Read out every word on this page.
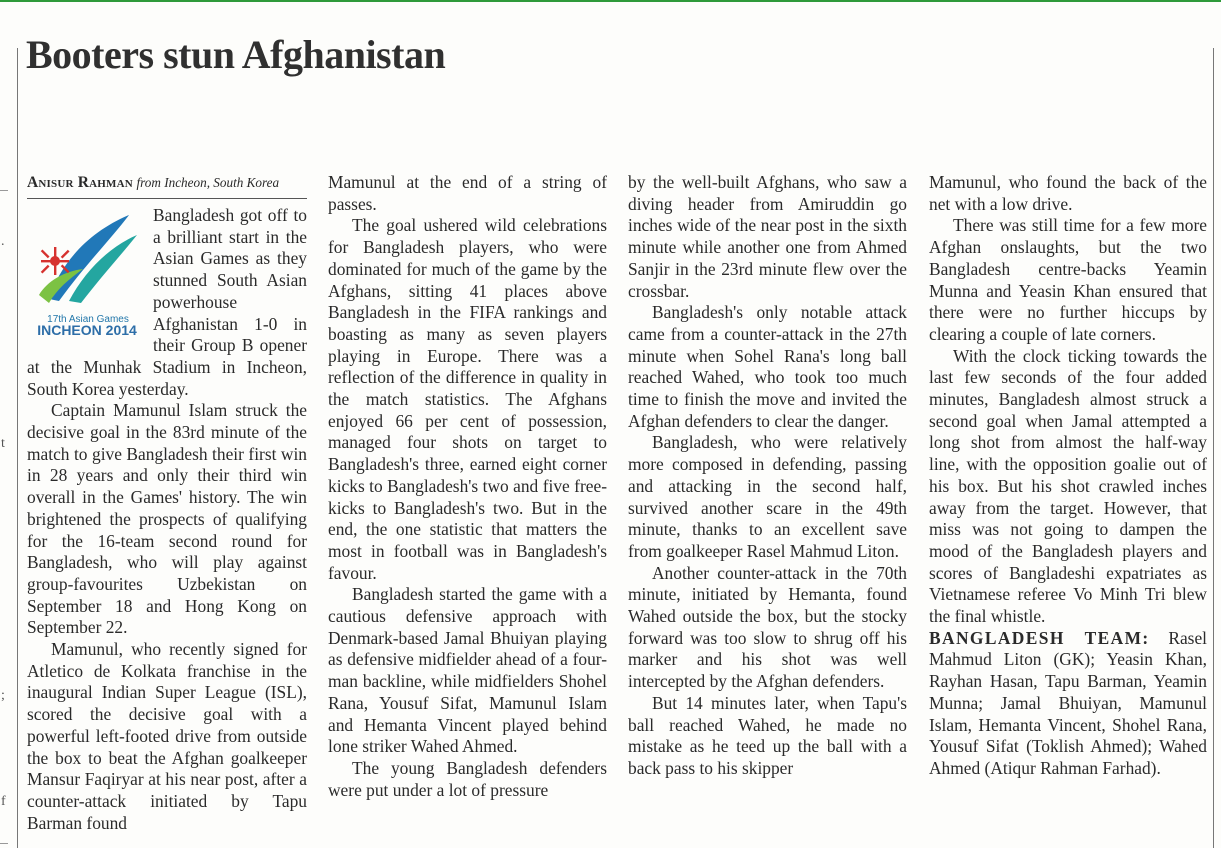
.
t
;
f
Booters stun Afghanistan
Anisur Rahman from Incheon, South Korea
17th Asian Games
INCHEON 2014

Bangladesh got off to a brilliant start in the Asian Games as they stunned South Asian powerhouse Afghanistan 1-0 in their Group B opener at the Munhak Stadium in Incheon, South Korea yesterday.

Captain Mamunul Islam struck the decisive goal in the 83rd minute of the match to give Bangladesh their first win in 28 years and only their third win overall in the Games' history. The win brightened the prospects of qualifying for the 16-team second round for Bangladesh, who will play against group-favourites Uzbekistan on September 18 and Hong Kong on September 22.

Mamunul, who recently signed for Atletico de Kolkata franchise in the inaugural Indian Super League (ISL), scored the decisive goal with a powerful left-footed drive from outside the box to beat the Afghan goalkeeper Mansur Faqiryar at his near post, after a counter-attack initiated by Tapu Barman found

Mamunul at the end of a string of passes.

The goal ushered wild celebrations for Bangladesh players, who were dominated for much of the game by the Afghans, sitting 41 places above Bangladesh in the FIFA rankings and boasting as many as seven players playing in Europe. There was a reflection of the difference in quality in the match statistics. The Afghans enjoyed 66 per cent of possession, managed four shots on target to Bangladesh's three, earned eight corner kicks to Bangladesh's two and five free-kicks to Bangladesh's two. But in the end, the one statistic that matters the most in football was in Bangladesh's favour.

Bangladesh started the game with a cautious defensive approach with Denmark-based Jamal Bhuiyan playing as defensive midfielder ahead of a four-man backline, while midfielders Shohel Rana, Yousuf Sifat, Mamunul Islam and Hemanta Vincent played behind lone striker Wahed Ahmed.

The young Bangladesh defenders were put under a lot of pressure

by the well-built Afghans, who saw a diving header from Amiruddin go inches wide of the near post in the sixth minute while another one from Ahmed Sanjir in the 23rd minute flew over the crossbar.

Bangladesh's only notable attack came from a counter-attack in the 27th minute when Sohel Rana's long ball reached Wahed, who took too much time to finish the move and invited the Afghan defenders to clear the danger.

Bangladesh, who were relatively more composed in defending, passing and attacking in the second half, survived another scare in the 49th minute, thanks to an excellent save from goalkeeper Rasel Mahmud Liton.

Another counter-attack in the 70th minute, initiated by Hemanta, found Wahed outside the box, but the stocky forward was too slow to shrug off his marker and his shot was well intercepted by the Afghan defenders.

But 14 minutes later, when Tapu's ball reached Wahed, he made no mistake as he teed up the ball with a back pass to his skipper

Mamunul, who found the back of the net with a low drive.

There was still time for a few more Afghan onslaughts, but the two Bangladesh centre-backs Yeamin Munna and Yeasin Khan ensured that there were no further hiccups by clearing a couple of late corners.

With the clock ticking towards the last few seconds of the four added minutes, Bangladesh almost struck a second goal when Jamal attempted a long shot from almost the half-way line, with the opposition goalie out of his box. But his shot crawled inches away from the target. However, that miss was not going to dampen the mood of the Bangladesh players and scores of Bangladeshi expatriates as Vietnamese referee Vo Minh Tri blew the final whistle.

BANGLADESH TEAM: Rasel Mahmud Liton (GK); Yeasin Khan, Rayhan Hasan, Tapu Barman, Yeamin Munna; Jamal Bhuiyan, Mamunul Islam, Hemanta Vincent, Shohel Rana, Yousuf Sifat (Toklish Ahmed); Wahed Ahmed (Atiqur Rahman Farhad).
